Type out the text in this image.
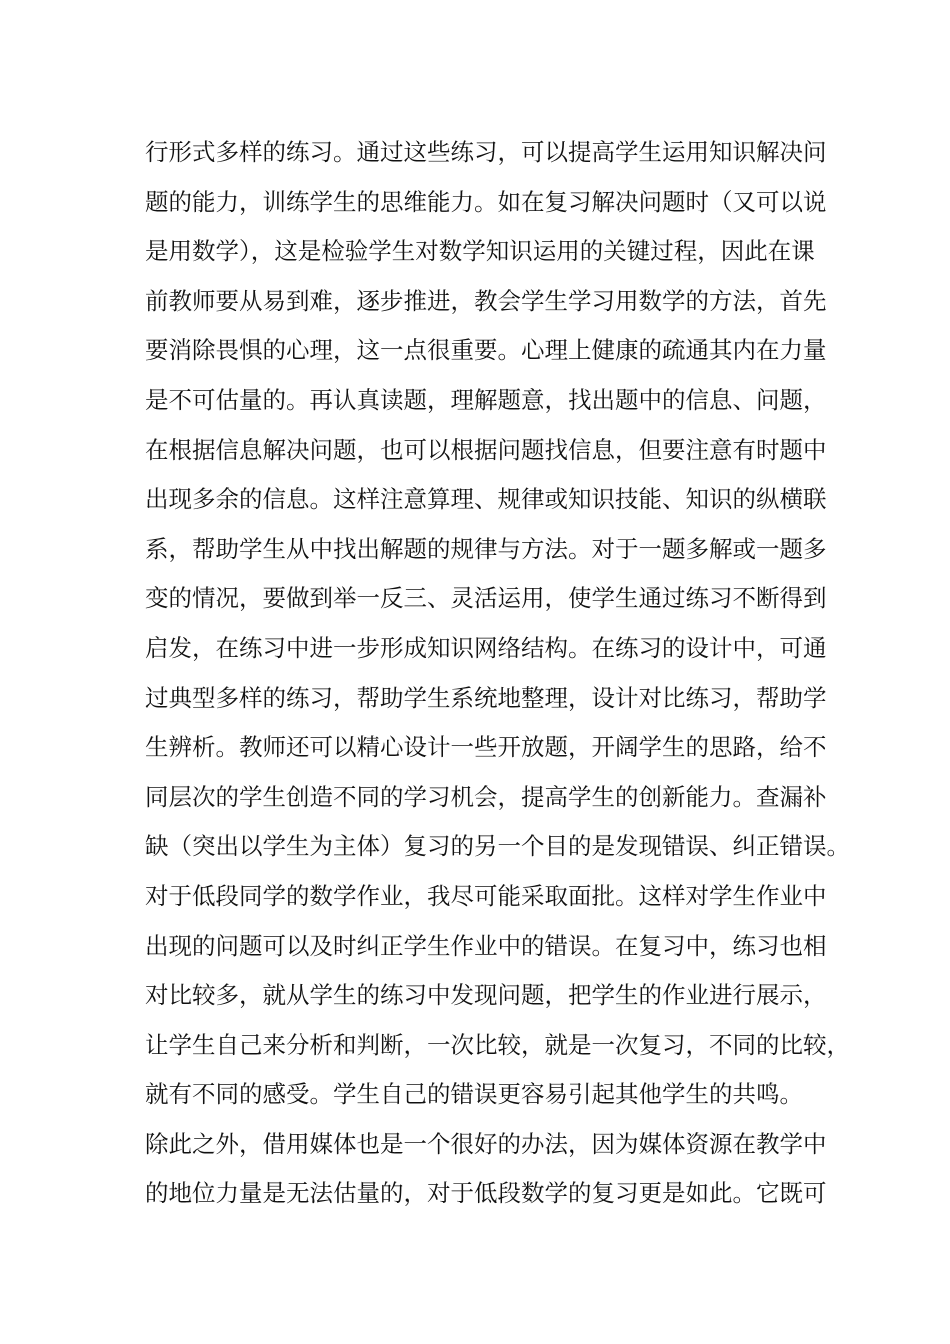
行形式多样的练习。通过这些练习，可以提高学生运用知识解决问
题的能力，训练学生的思维能力。如在复习解决问题时（又可以说
是用数学），这是检验学生对数学知识运用的关键过程，因此在课
前教师要从易到难，逐步推进，教会学生学习用数学的方法，首先
要消除畏惧的心理，这一点很重要。心理上健康的疏通其内在力量
是不可估量的。再认真读题，理解题意，找出题中的信息、问题，
在根据信息解决问题，也可以根据问题找信息，但要注意有时题中
出现多余的信息。这样注意算理、规律或知识技能、知识的纵横联
系，帮助学生从中找出解题的规律与方法。对于一题多解或一题多
变的情况，要做到举一反三、灵活运用，使学生通过练习不断得到
启发，在练习中进一步形成知识网络结构。在练习的设计中，可通
过典型多样的练习，帮助学生系统地整理，设计对比练习，帮助学
生辨析。教师还可以精心设计一些开放题，开阔学生的思路，给不
同层次的学生创造不同的学习机会，提高学生的创新能力。查漏补
缺（突出以学生为主体）复习的另一个目的是发现错误、纠正错误。
对于低段同学的数学作业，我尽可能采取面批。这样对学生作业中
出现的问题可以及时纠正学生作业中的错误。在复习中，练习也相
对比较多，就从学生的练习中发现问题，把学生的作业进行展示，
让学生自己来分析和判断，一次比较，就是一次复习，不同的比较，
就有不同的感受。学生自己的错误更容易引起其他学生的共鸣。
除此之外，借用媒体也是一个很好的办法，因为媒体资源在教学中
的地位力量是无法估量的，对于低段数学的复习更是如此。它既可
